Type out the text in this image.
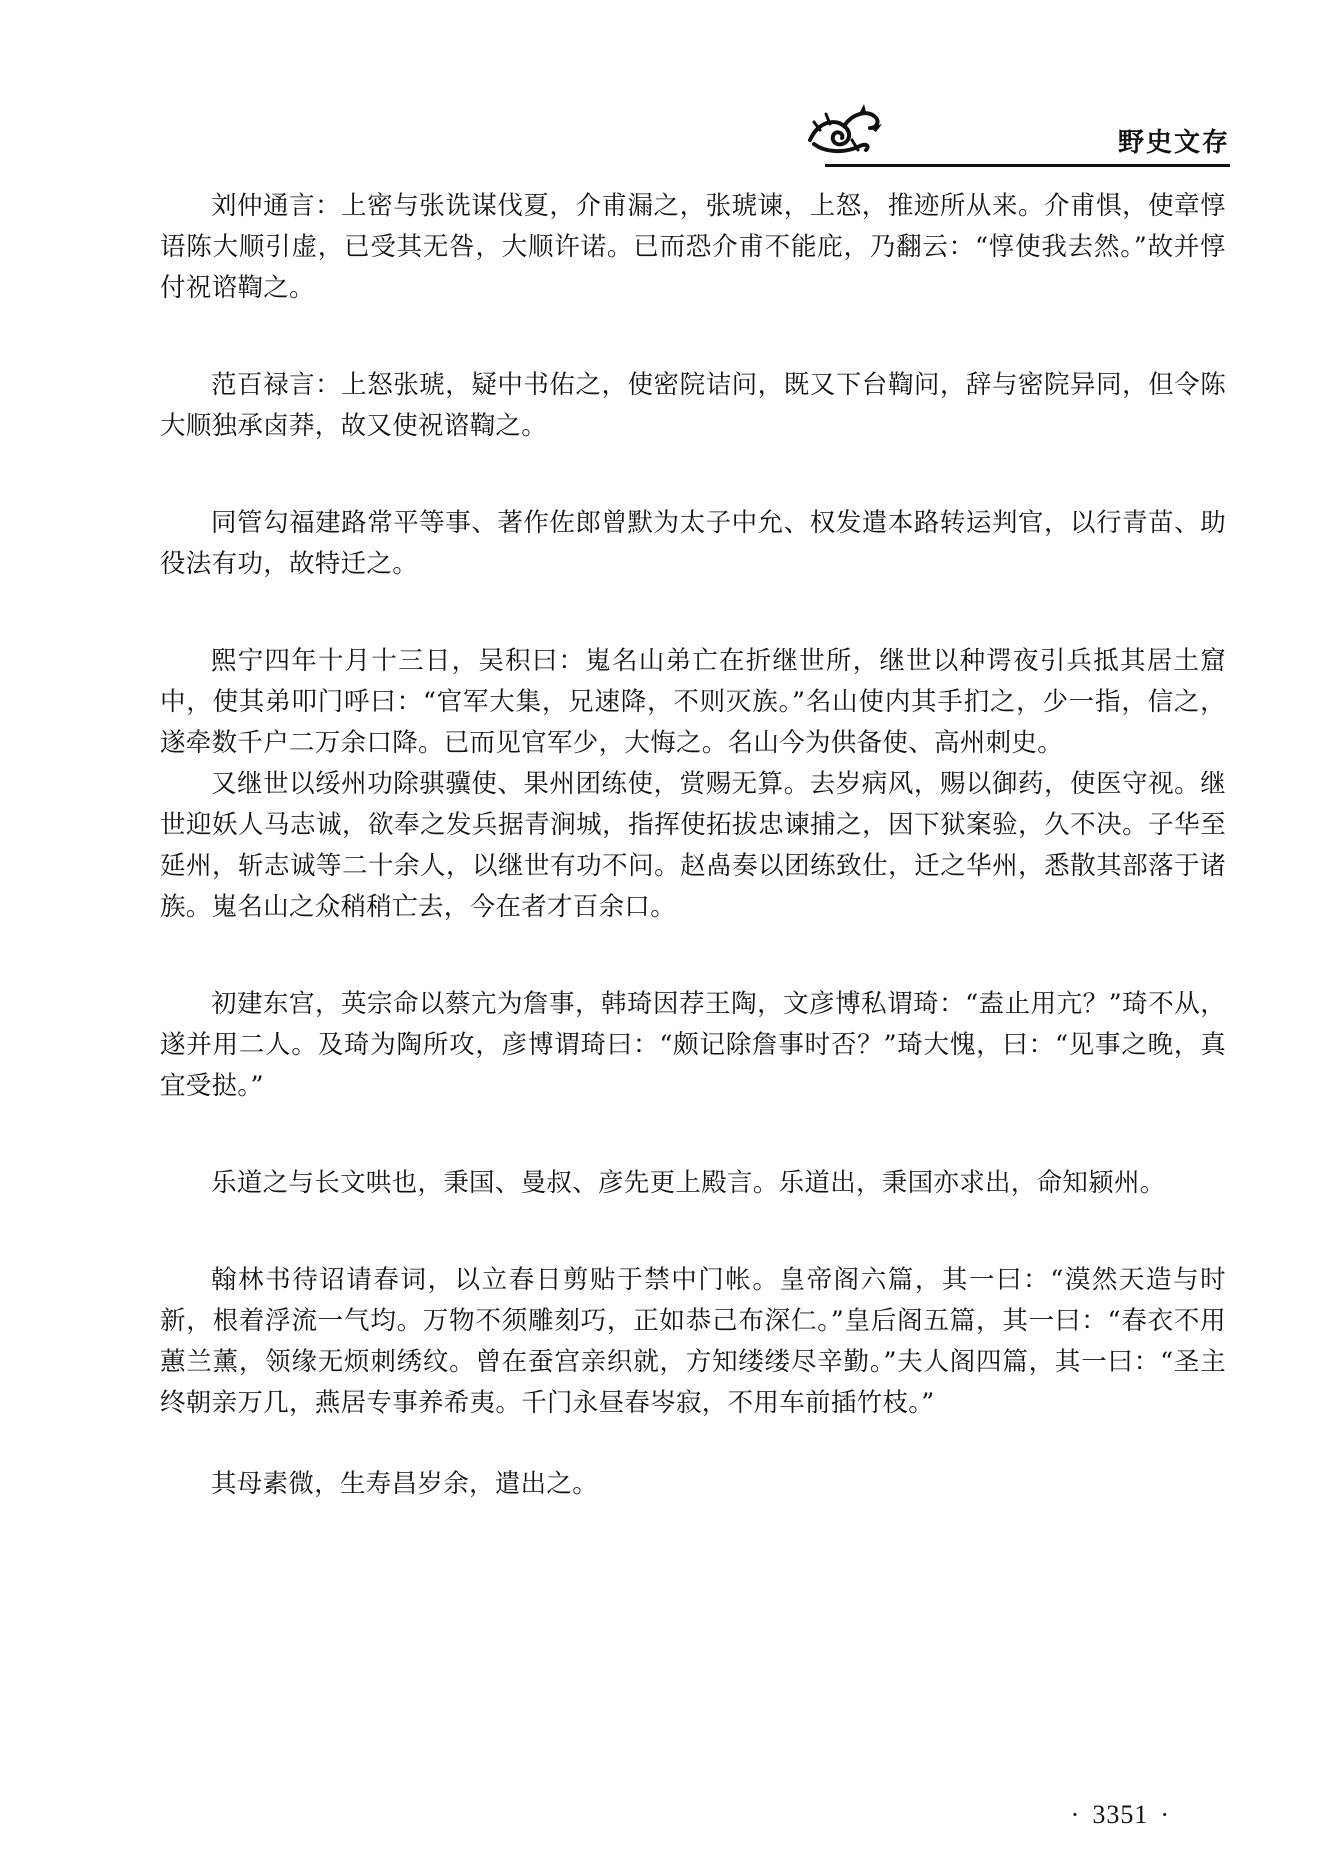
野史文存

刘仲通言：上密与张诜谋伐夏，介甫漏之，张琥谏，上怒，推迹所从来。介甫惧，使章惇语陈大顺引虚，已受其无咎，大顺许诺。已而恐介甫不能庇，乃翻云：“惇使我去然。”故并惇付祝谘鞫之。

范百禄言：上怒张琥，疑中书佑之，使密院诘问，既又下台鞫问，辞与密院异同，但令陈大顺独承卤莽，故又使祝谘鞫之。

同管勾福建路常平等事、著作佐郎曾默为太子中允、权发遣本路转运判官，以行青苗、助役法有功，故特迁之。

熙宁四年十月十三日，吴积曰：嵬名山弟亡在折继世所，继世以种谔夜引兵抵其居土窟中，使其弟叩门呼曰：“官军大集，兄速降，不则灭族。”名山使内其手扪之，少一指，信之，遂牵数千户二万余口降。已而见官军少，大悔之。名山今为供备使、高州刺史。

又继世以绥州功除骐骥使、果州团练使，赏赐无算。去岁病风，赐以御药，使医守视。继世迎妖人马志诚，欲奉之发兵据青涧城，指挥使拓拔忠谏捕之，因下狱案验，久不决。子华至延州，斩志诚等二十余人，以继世有功不问。赵卨奏以团练致仕，迁之华州，悉散其部落于诸族。嵬名山之众稍稍亡去，今在者才百余口。

初建东宫，英宗命以蔡亢为詹事，韩琦因荐王陶，文彦博私谓琦：“盍止用亢？”琦不从，遂并用二人。及琦为陶所攻，彦博谓琦曰：“颇记除詹事时否？”琦大愧，曰：“见事之晚，真宜受挞。”

乐道之与长文哄也，秉国、曼叔、彦先更上殿言。乐道出，秉国亦求出，命知颍州。

翰林书待诏请春词，以立春日剪贴于禁中门帐。皇帝阁六篇，其一曰：“漠然天造与时新，根着浮流一气均。万物不须雕刻巧，正如恭己布深仁。”皇后阁五篇，其一曰：“春衣不用蕙兰薰，领缘无烦刺绣纹。曾在蚕宫亲织就，方知缕缕尽辛勤。”夫人阁四篇，其一曰：“圣主终朝亲万几，燕居专事养希夷。千门永昼春岑寂，不用车前插竹枝。”

其母素微，生寿昌岁余，遣出之。

· 3351 ·
